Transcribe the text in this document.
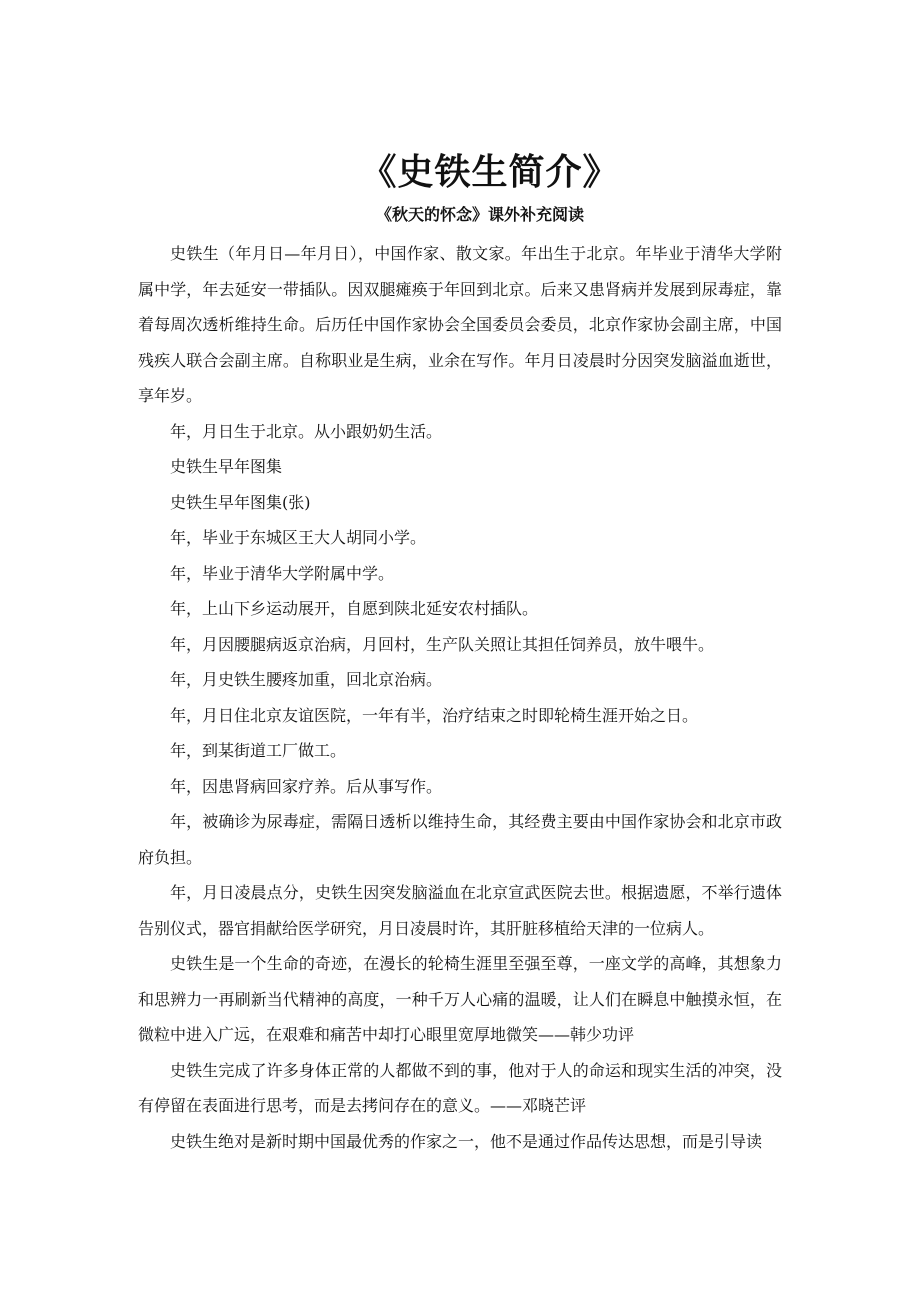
《史铁生简介》
《秋天的怀念》课外补充阅读

史铁生（年月日—年月日），中国作家、散文家。年出生于北京。年毕业于清华大学附属中学，年去延安一带插队。因双腿瘫痪于年回到北京。后来又患肾病并发展到尿毒症，靠着每周次透析维持生命。后历任中国作家协会全国委员会委员，北京作家协会副主席，中国残疾人联合会副主席。自称职业是生病，业余在写作。年月日凌晨时分因突发脑溢血逝世，享年岁。

年，月日生于北京。从小跟奶奶生活。

史铁生早年图集

史铁生早年图集(张)

年，毕业于东城区王大人胡同小学。

年，毕业于清华大学附属中学。

年，上山下乡运动展开，自愿到陕北延安农村插队。

年，月因腰腿病返京治病，月回村，生产队关照让其担任饲养员，放牛喂牛。

年，月史铁生腰疼加重，回北京治病。

年，月日住北京友谊医院，一年有半，治疗结束之时即轮椅生涯开始之日。

年，到某街道工厂做工。

年，因患肾病回家疗养。后从事写作。

年，被确诊为尿毒症，需隔日透析以维持生命，其经费主要由中国作家协会和北京市政府负担。

年，月日凌晨点分，史铁生因突发脑溢血在北京宣武医院去世。根据遗愿，不举行遗体告别仪式，器官捐献给医学研究，月日凌晨时许，其肝脏移植给天津的一位病人。

史铁生是一个生命的奇迹，在漫长的轮椅生涯里至强至尊，一座文学的高峰，其想象力和思辨力一再刷新当代精神的高度，一种千万人心痛的温暖，让人们在瞬息中触摸永恒，在微粒中进入广远，在艰难和痛苦中却打心眼里宽厚地微笑——韩少功评

史铁生完成了许多身体正常的人都做不到的事，他对于人的命运和现实生活的冲突，没有停留在表面进行思考，而是去拷问存在的意义。——邓晓芒评

史铁生绝对是新时期中国最优秀的作家之一，他不是通过作品传达思想，而是引导读
